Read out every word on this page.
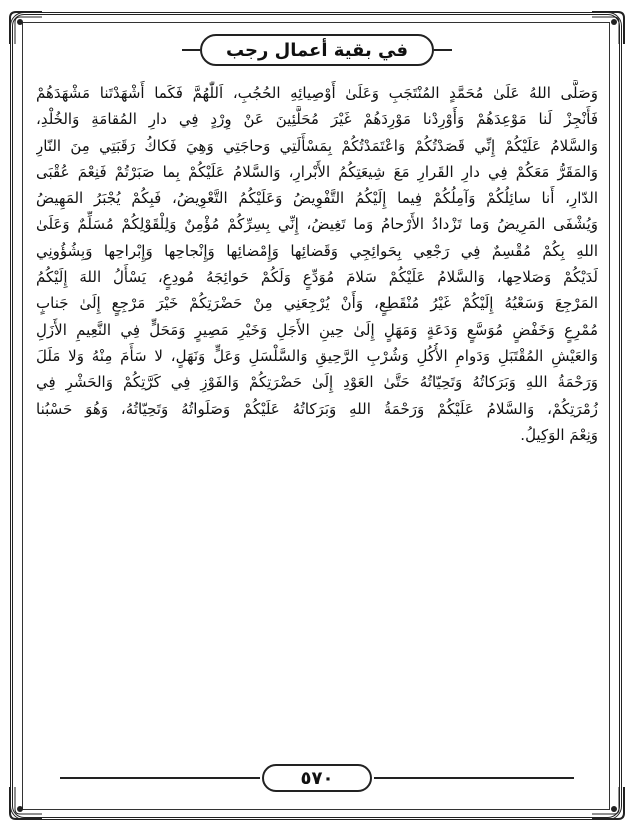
في بقية أعمال رجب
وَصَلَّى اللهُ عَلَىٰ مُحَمَّدٍ المُنْتَجَبِ وَعَلَىٰ أَوْصِيائِهِ الحُجُبِ، اَللّٰهُمَّ فَكَما أَشْهَدْتَنا مَشْهَدَهُمْ
فَأَنْجِزْ لَنا مَوْعِدَهُمْ وَأَوْرِدْنا مَوْرِدَهُمْ غَيْرَ مُحَلَّئِينَ عَنْ وِرْدٍ فِي دارِ المُقامَةِ وَالخُلْدِ،
وَالسَّلامُ عَلَيْكُمْ إِنِّي قَصَدْتُكُمْ وَاعْتَمَدْتُكُمْ بِمَسْأَلَتِي وَحاجَتِي وَهِيَ فَكاكُ رَقَبَتِي مِنَ النّارِ
وَالمَقَرُّ مَعَكُمْ فِي دارِ القَرارِ مَعَ شِيعَتِكُمُ الأَبْرارِ، وَالسَّلامُ عَلَيْكُمْ بِما صَبَرْتُمْ فَنِعْمَ عُقْبَى
الدّارِ، أَنا سائِلُكُمْ وَآمِلُكُمْ فِيما إِلَيْكُمُ التَّفْوِيضُ وَعَلَيْكُمُ التَّعْوِيضُ، فَبِكُمْ يُجْبَرُ المَهِيضُ
وَيُشْفَى المَرِيضُ وَما تَزْدادُ الأَرْحامُ وَما تَغِيضُ، إِنِّي بِسِرِّكُمْ مُؤْمِنٌ وَلِلْقَوْلِكُمْ مُسَلِّمٌ وَعَلَىٰ
اللهِ بِكُمْ مُقْسِمٌ فِي رَجْعِي بِحَوائِجِي وَقَضائِها وَإِمْضائِها وَإِنْجاحِها وَإِبْراحِها وَبِشُؤُونِي
لَدَيْكُمْ وَصَلاحِها، وَالسَّلامُ عَلَيْكُمْ سَلامَ مُوَدِّعٍ وَلَكُمْ حَوائِجَهُ مُودِعٍ، يَسْأَلُ اللهَ إِلَيْكُمُ
المَرْجِعَ وَسَعْيُهُ إِلَيْكُمْ غَيْرُ مُنْقَطِعٍ، وَأَنْ يُرْجِعَنِي مِنْ حَضْرَتِكُمْ خَيْرَ مَرْجِعٍ إِلَىٰ جَنابٍ
مُمْرِعٍ وَخَفْضٍ مُوَسَّعٍ وَدَعَةٍ وَمَهَلٍ إِلَىٰ حِينِ الأَجَلِ وَخَيْرِ مَصِيرٍ وَمَحَلٍّ فِي النَّعِيمِ الأَزَلِ
وَالعَيْشِ المُقْتَبَلِ وَدَوامِ الأُكُلِ وَشُرْبِ الرَّحِيقِ وَالسَّلْسَلِ وَعَلٍّ وَنَهَلٍ، لا سَأَمَ مِنْهُ وَلا مَلَلَ
وَرَحْمَةُ اللهِ وَبَرَكاتُهُ وَتَحِيّاتُهُ حَتَّىٰ العَوْدِ إِلَىٰ حَضْرَتِكُمْ وَالفَوْزِ فِي كَرَّتِكُمْ وَالحَشْرِ فِي
زُمْرَتِكُمْ، وَالسَّلامُ عَلَيْكُمْ وَرَحْمَةُ اللهِ وَبَرَكاتُهُ عَلَيْكُمْ وَصَلَواتُهُ وَتَحِيّاتُهُ، وَهُوَ حَسْبُنا
وَنِعْمَ الوَكِيلُ.
٥٧٠
